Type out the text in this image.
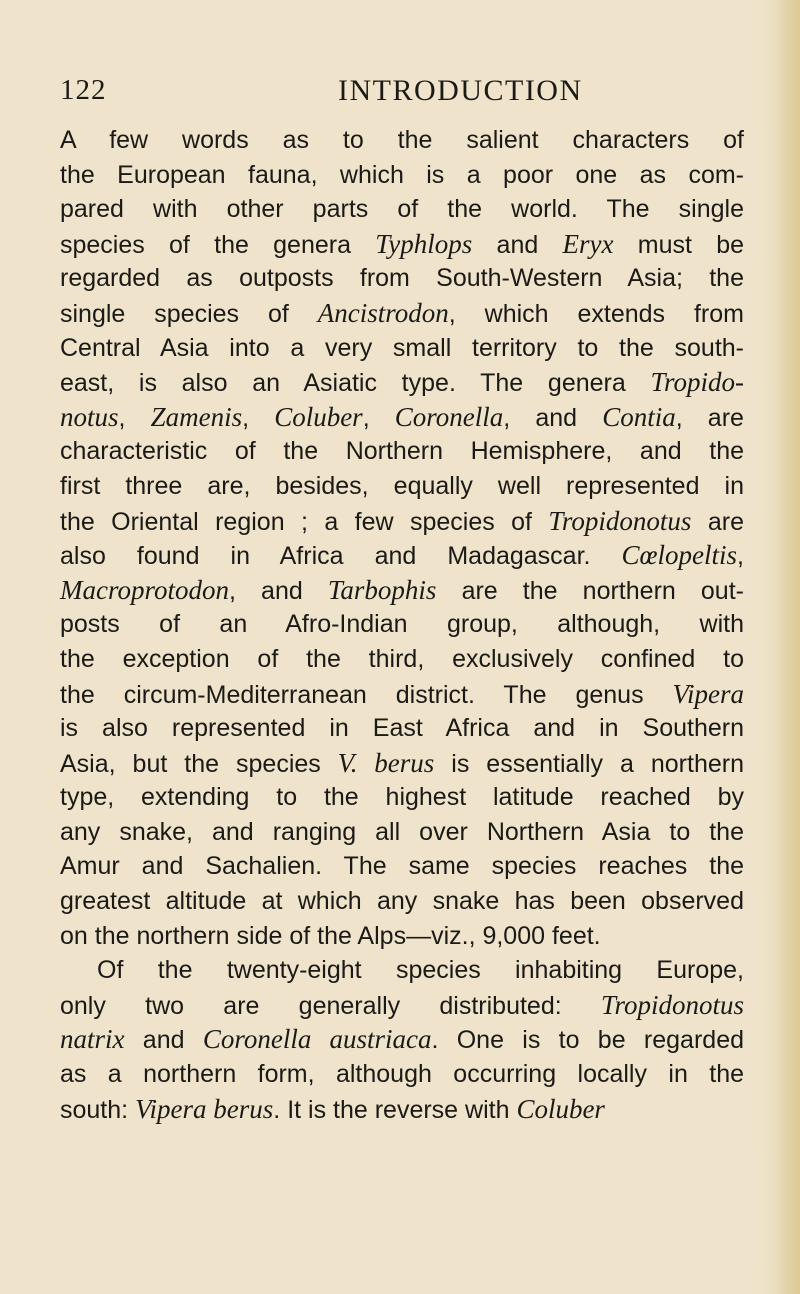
122	INTRODUCTION
A few words as to the salient characters of
the European fauna, which is a poor one as com-
pared with other parts of the world. The single
species of the genera Typhlops and Eryx must be
regarded as outposts from South-Western Asia; the
single species of Ancistrodon, which extends from
Central Asia into a very small territory to the south-
east, is also an Asiatic type. The genera Tropido-
notus, Zamenis, Coluber, Coronella, and Contia, are
characteristic of the Northern Hemisphere, and the
first three are, besides, equally well represented in
the Oriental region ; a few species of Tropidonotus are
also found in Africa and Madagascar. Cœlopeltis,
Macroprotodon, and Tarbophis are the northern out-
posts of an Afro-Indian group, although, with
the exception of the third, exclusively confined to
the circum-Mediterranean district. The genus Vipera
is also represented in East Africa and in Southern
Asia, but the species V. berus is essentially a northern
type, extending to the highest latitude reached by
any snake, and ranging all over Northern Asia to the
Amur and Sachalien. The same species reaches the
greatest altitude at which any snake has been observed
on the northern side of the Alps—viz., 9,000 feet.
Of the twenty-eight species inhabiting Europe,
only two are generally distributed: Tropidonotus
natrix and Coronella austriaca. One is to be regarded
as a northern form, although occurring locally in the
south: Vipera berus. It is the reverse with Coluber
